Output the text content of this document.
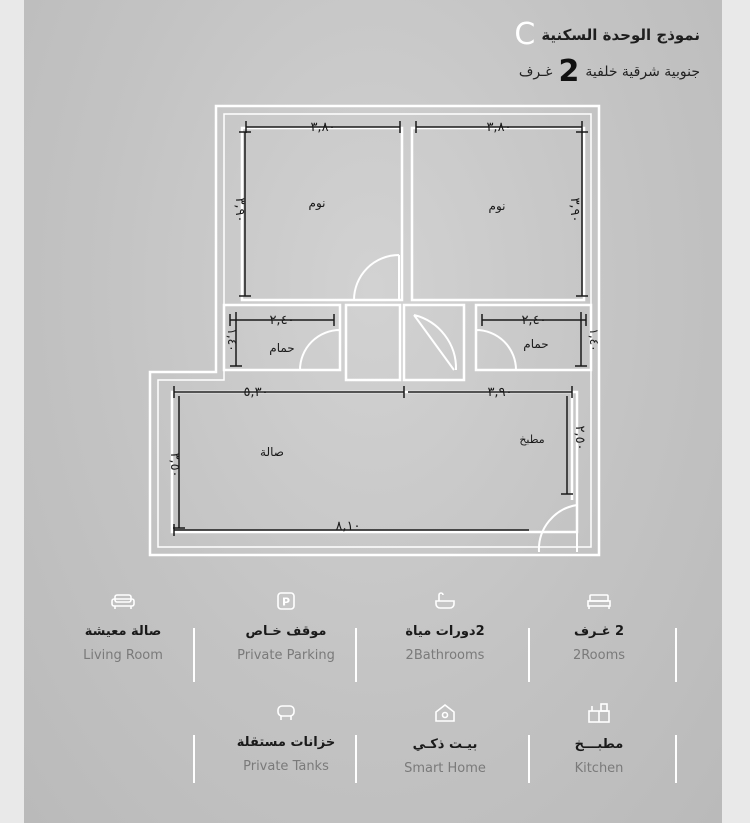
نموذج الوحدة السكنية
C
جنوبية شرقية خلفية
2
غـرف
٣,٨٠	٣,٨٠
٣,٩٠	٣,٩٠
نوم	نوم
٢,٤٠	٢,٤٠
١,٤٠	١,٤٠
حمام	حمام
٥,٣٠	٣,٩٠
٣,٥٠
٢,٥٠
صالة
مطبخ
٨,١٠
صالة معيشة
Living Room
P
موقف خـاص
Private Parking
2دورات مياة
2Bathrooms
2 غـرف
2Rooms
خزانات مستقلة
Private Tanks
بيـت ذكـي
Smart Home
مطبـــخ
Kitchen
